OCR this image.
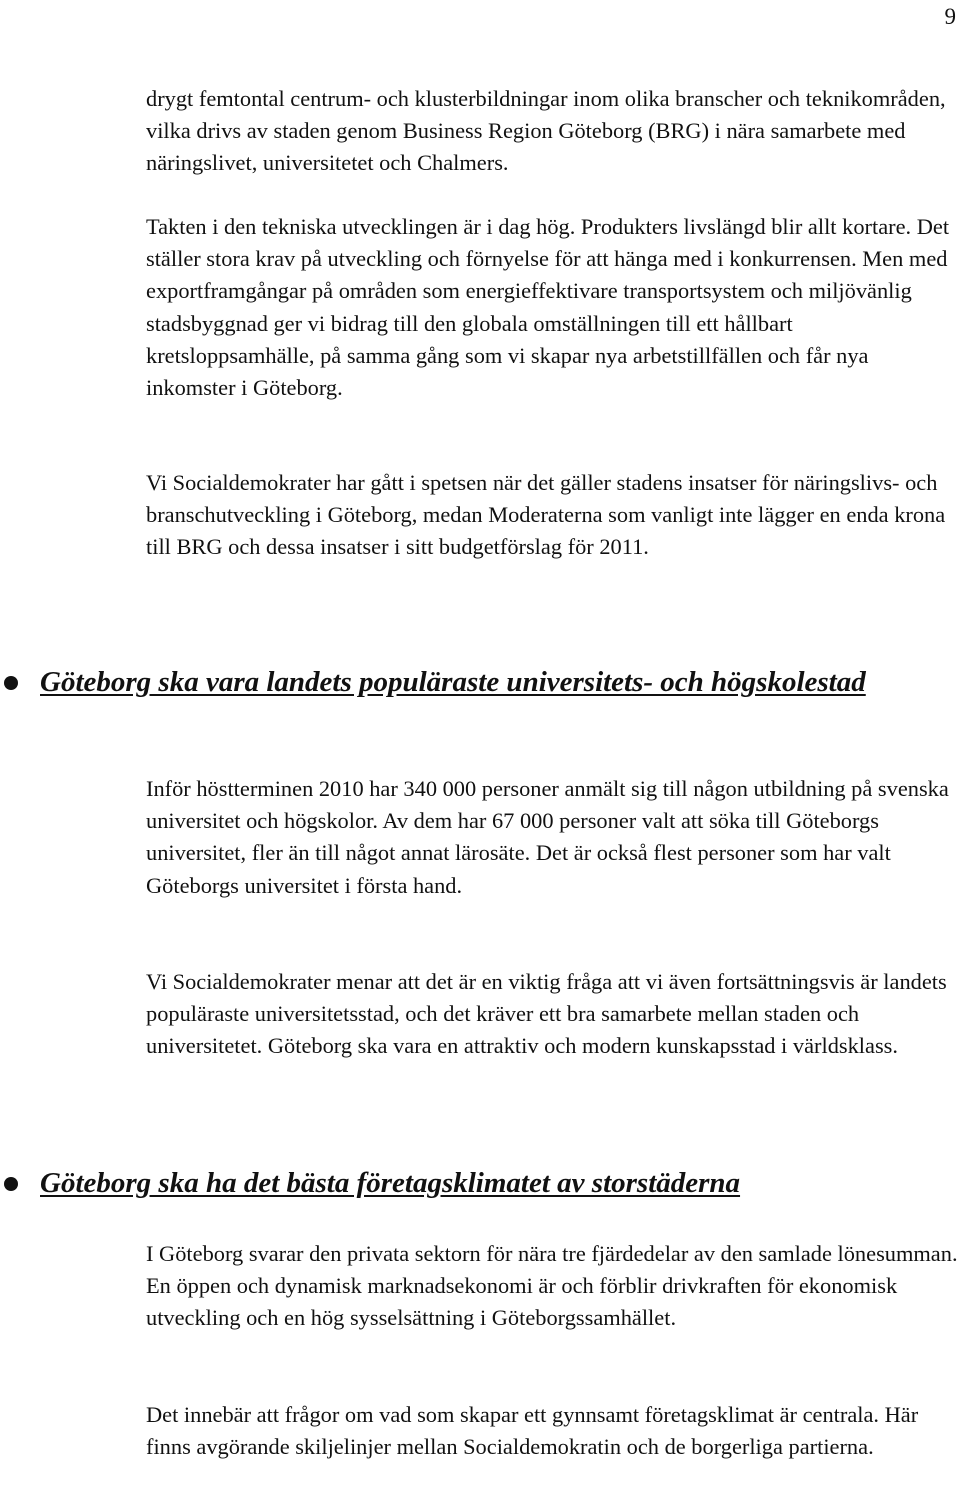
9

drygt femtontal centrum- och klusterbildningar inom olika branscher och teknikområden, vilka drivs av staden genom Business Region Göteborg (BRG) i nära samarbete med näringslivet, universitetet och Chalmers.

Takten i den tekniska utvecklingen är i dag hög. Produkters livslängd blir allt kortare. Det ställer stora krav på utveckling och förnyelse för att hänga med i konkurrensen. Men med exportframgångar på områden som energieffektivare transportsystem och miljövänlig stadsbyggnad ger vi bidrag till den globala omställningen till ett hållbart kretsloppsamhälle, på samma gång som vi skapar nya arbetstillfällen och får nya inkomster i Göteborg.

Vi Socialdemokrater har gått i spetsen när det gäller stadens insatser för näringslivs- och branschutveckling i Göteborg, medan Moderaterna som vanligt inte lägger en enda krona till BRG och dessa insatser i sitt budgetförslag för 2011.

Göteborg ska vara landets populäraste universitets- och högskolestad

Inför höstterminen 2010 har 340 000 personer anmält sig till någon utbildning på svenska universitet och högskolor. Av dem har 67 000 personer valt att söka till Göteborgs universitet, fler än till något annat lärosäte. Det är också flest personer som har valt Göteborgs universitet i första hand.

Vi Socialdemokrater menar att det är en viktig fråga att vi även fortsättningsvis är landets populäraste universitetsstad, och det kräver ett bra samarbete mellan staden och universitetet. Göteborg ska vara en attraktiv och modern kunskapsstad i världsklass.

Göteborg ska ha det bästa företagsklimatet av storstäderna

I Göteborg svarar den privata sektorn för nära tre fjärdedelar av den samlade lönesumman. En öppen och dynamisk marknadsekonomi är och förblir drivkraften för ekonomisk utveckling och en hög sysselsättning i Göteborgssamhället.

Det innebär att frågor om vad som skapar ett gynnsamt företagsklimat är centrala. Här finns avgörande skiljelinjer mellan Socialdemokratin och de borgerliga partierna.
